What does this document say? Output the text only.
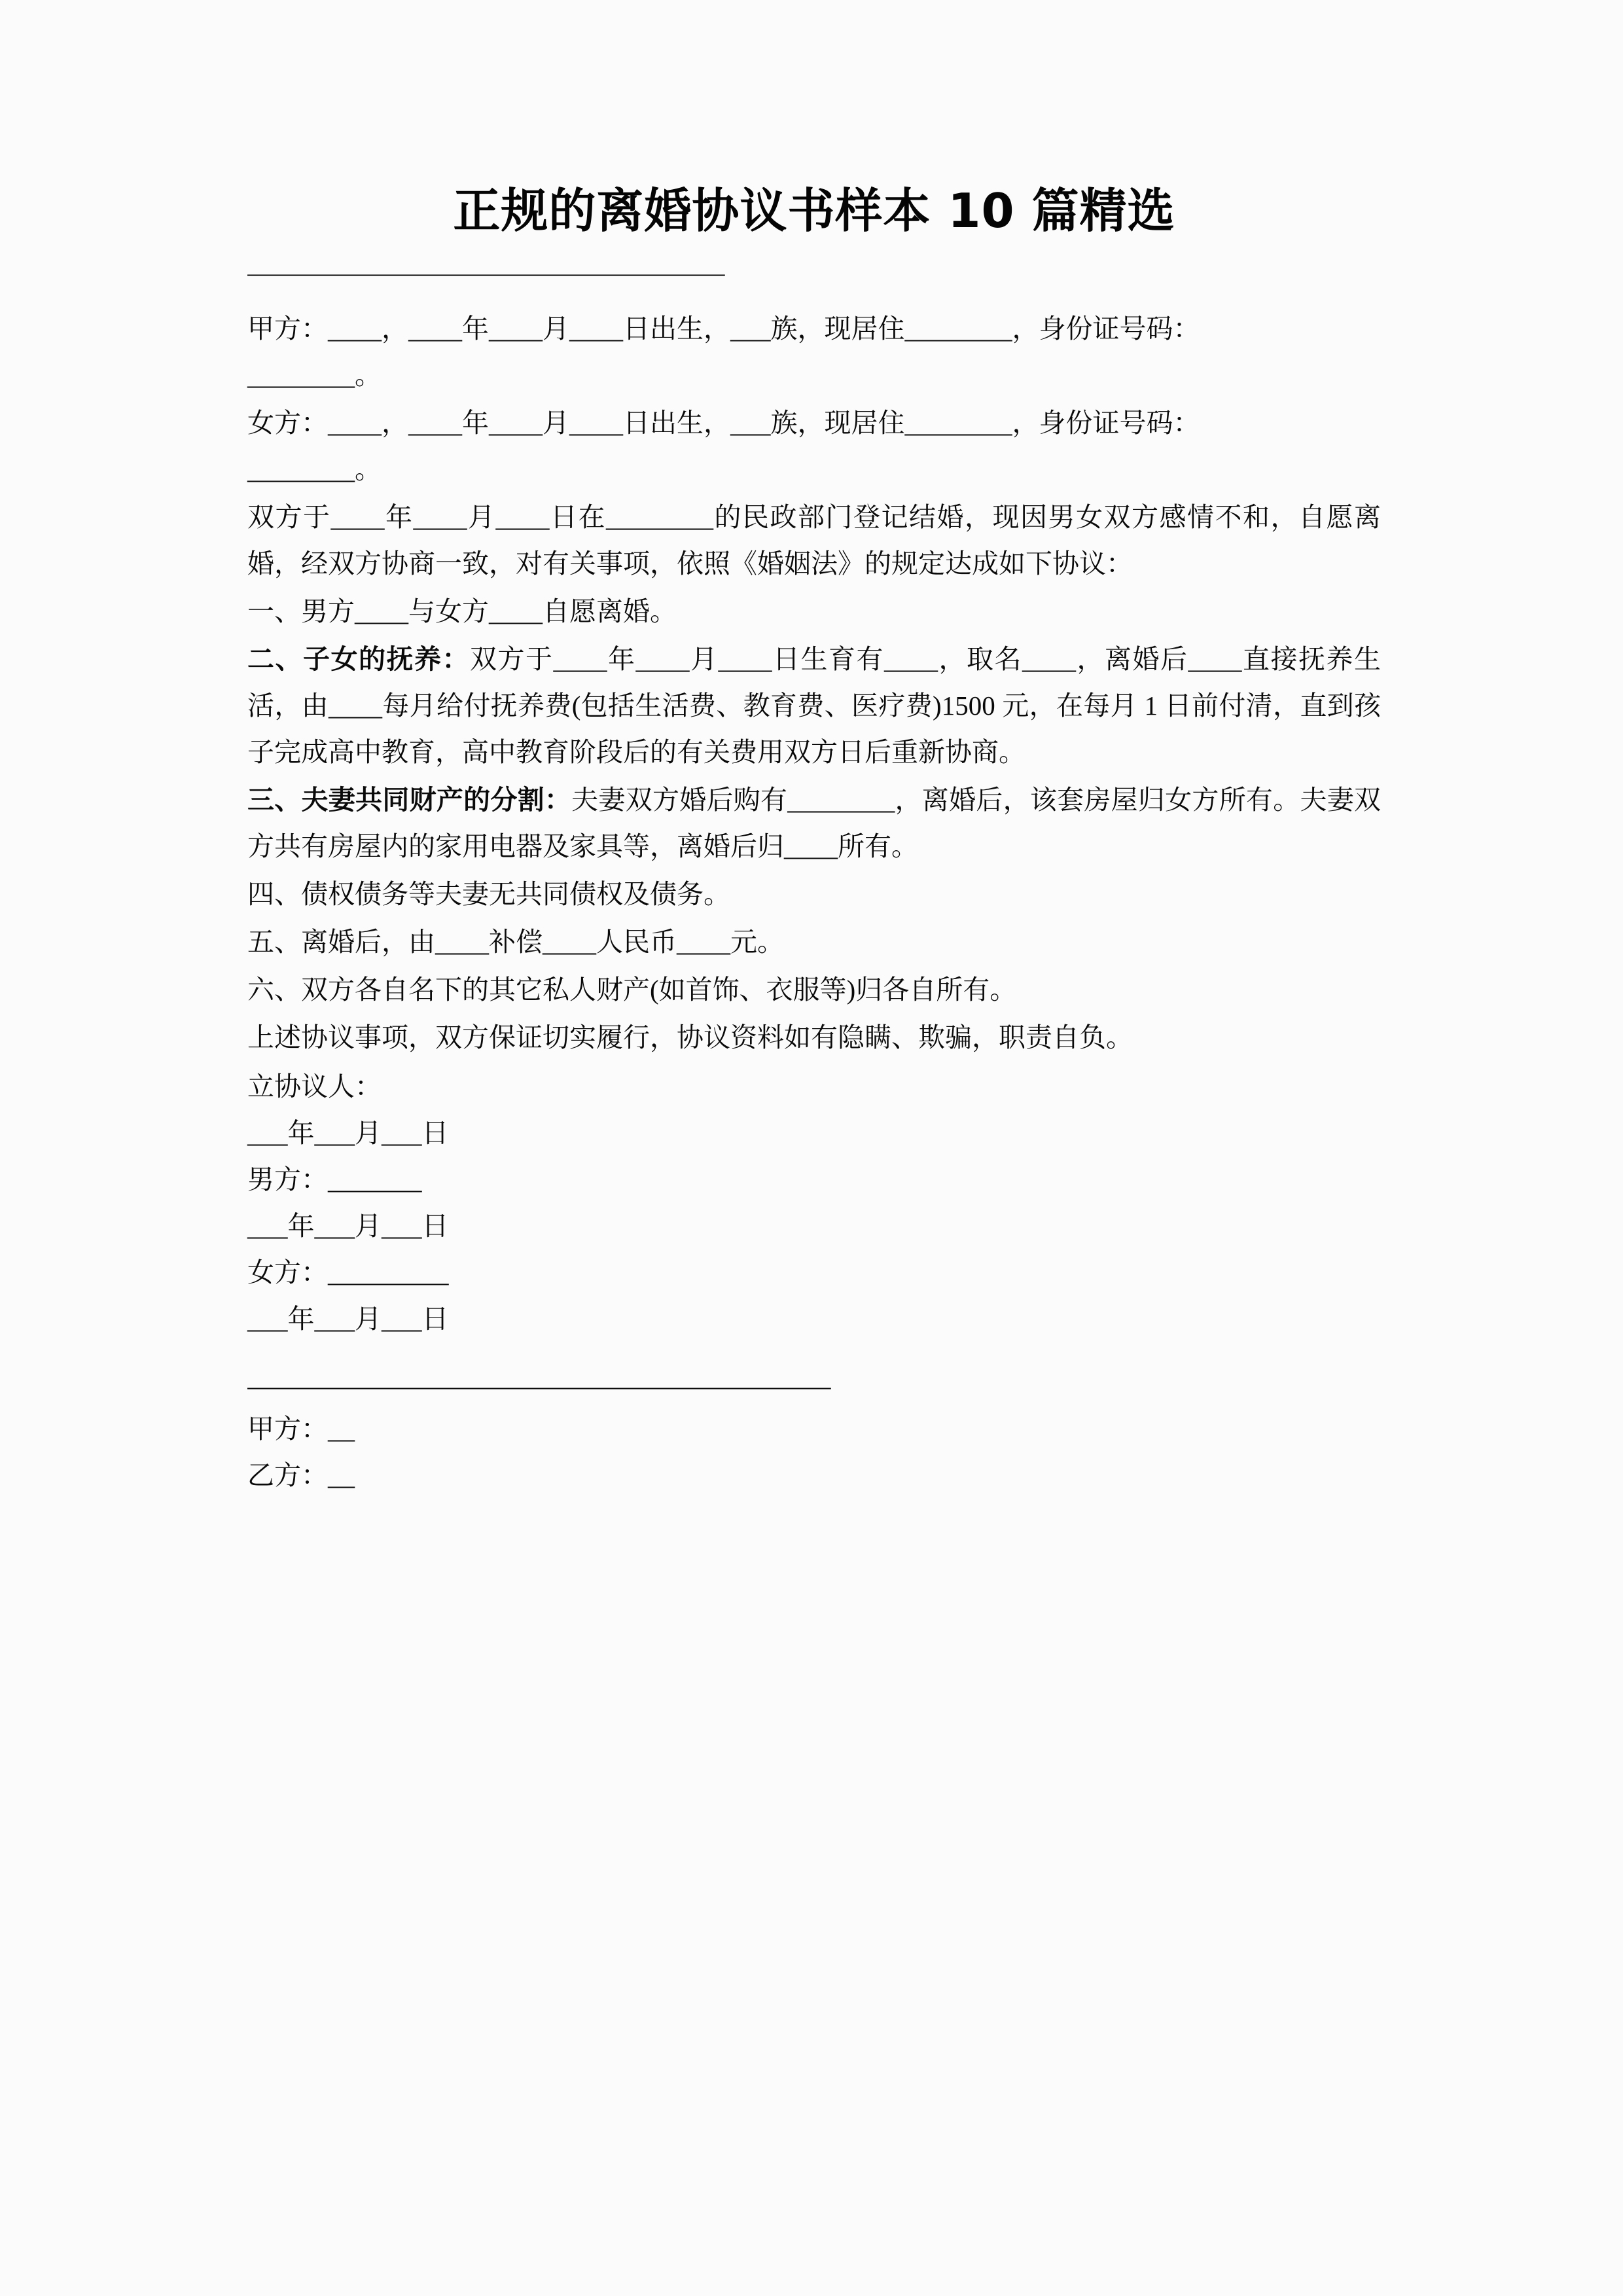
正规的离婚协议书样本 10 篇精选
——————————————————

甲方：____，____年____月____日出生，___族，现居住________，身份证号码：

________。

女方：____，____年____月____日出生，___族，现居住________，身份证号码：

________。

双方于____年____月____日在________的民政部门登记结婚，现因男女双方感情不和，自愿离婚，经双方协商一致，对有关事项，依照《婚姻法》的规定达成如下协议：

一、男方____与女方____自愿离婚。

二、子女的抚养：双方于____年____月____日生育有____，取名____，离婚后____直接抚养生活，由____每月给付抚养费(包括生活费、教育费、医疗费)1500 元，在每月 1 日前付清，直到孩子完成高中教育，高中教育阶段后的有关费用双方日后重新协商。

三、夫妻共同财产的分割：夫妻双方婚后购有________，离婚后，该套房屋归女方所有。夫妻双方共有房屋内的家用电器及家具等，离婚后归____所有。

四、债权债务等夫妻无共同债权及债务。

五、离婚后，由____补偿____人民币____元。

六、双方各自名下的其它私人财产(如首饰、衣服等)归各自所有。

上述协议事项，双方保证切实履行，协议资料如有隐瞒、欺骗，职责自负。

立协议人：

___年___月___日

男方：_______

___年___月___日

女方：_________

___年___月___日

——————————————————————

甲方：__

乙方：__
